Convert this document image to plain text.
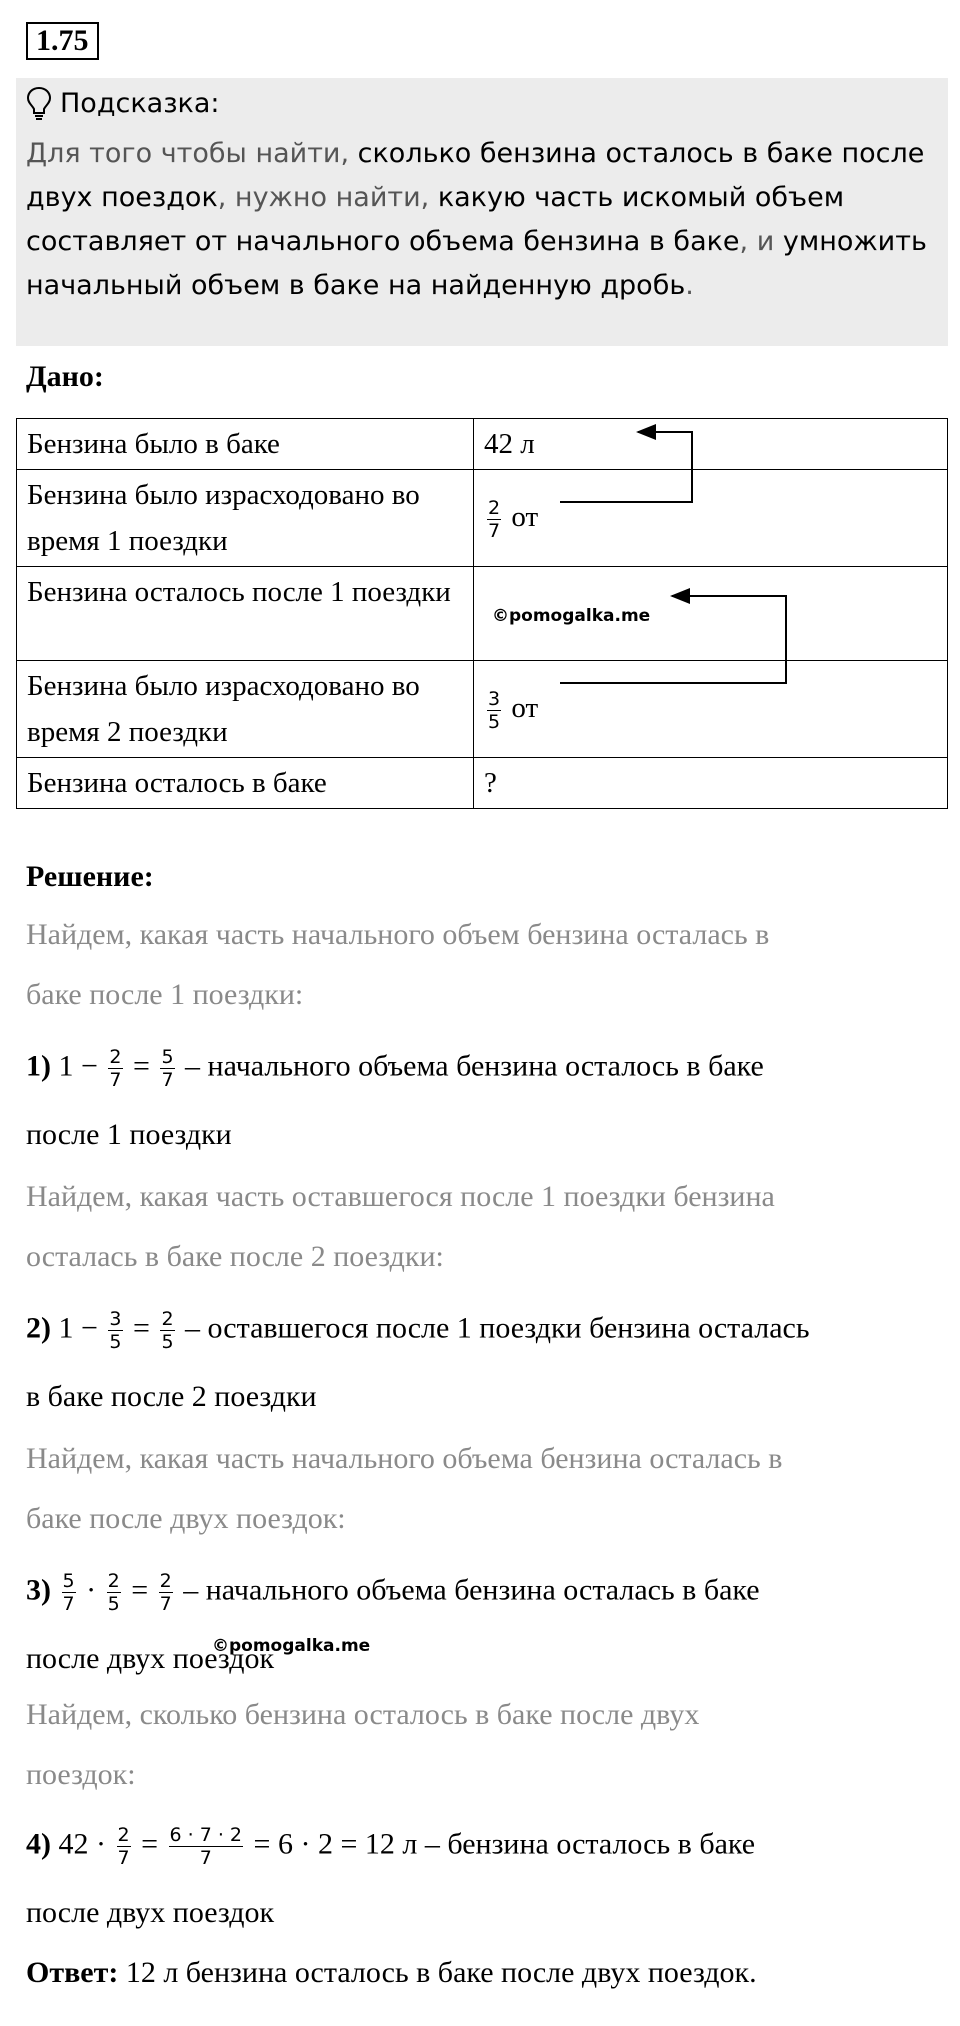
1.75
Подсказка:
Для того чтобы найти, сколько бензина осталось в баке после двух поездок, нужно найти, какую часть искомый объем составляет от начального объема бензина в баке, и умножить начальный объем в баке на найденную дробь.
Дано:
Бензина было в баке	42 л
Бензина было израсходовано во время 1 поездки	$\frac{2}{7}$ от
Бензина осталось после 1 поездки	©pomogalka.me
Бензина было израсходовано во время 2 поездки	$\frac{3}{5}$ от
Бензина осталось в баке	?
Решение:
Найдем, какая часть начального объем бензина осталась в
баке после 1 поездки:
1) $1 - \frac{2}{7} = \frac{5}{7}$ – начального объема бензина осталось в баке
после 1 поездки
Найдем, какая часть оставшегося после 1 поездки бензина
осталась в баке после 2 поездки:
2) $1 - \frac{3}{5} = \frac{2}{5}$ – оставшегося после 1 поездки бензина осталась
в баке после 2 поездки
Найдем, какая часть начального объема бензина осталась в
баке после двух поездок:
$3) \frac{5}{7} \cdot \frac{2}{5} = \frac{2}{7}$ – начального объема бензина осталась в баке
после двух поездок
©pomogalka.me
Найдем, сколько бензина осталось в баке после двух
поездок:
4) $42 \cdot \frac{2}{7} = \frac{6 \cdot 7 \cdot 2}{7} = 6 \cdot 2 = 12$ л – бензина осталось в баке
после двух поездок
Ответ: 12 л бензина осталось в баке после двух поездок.
